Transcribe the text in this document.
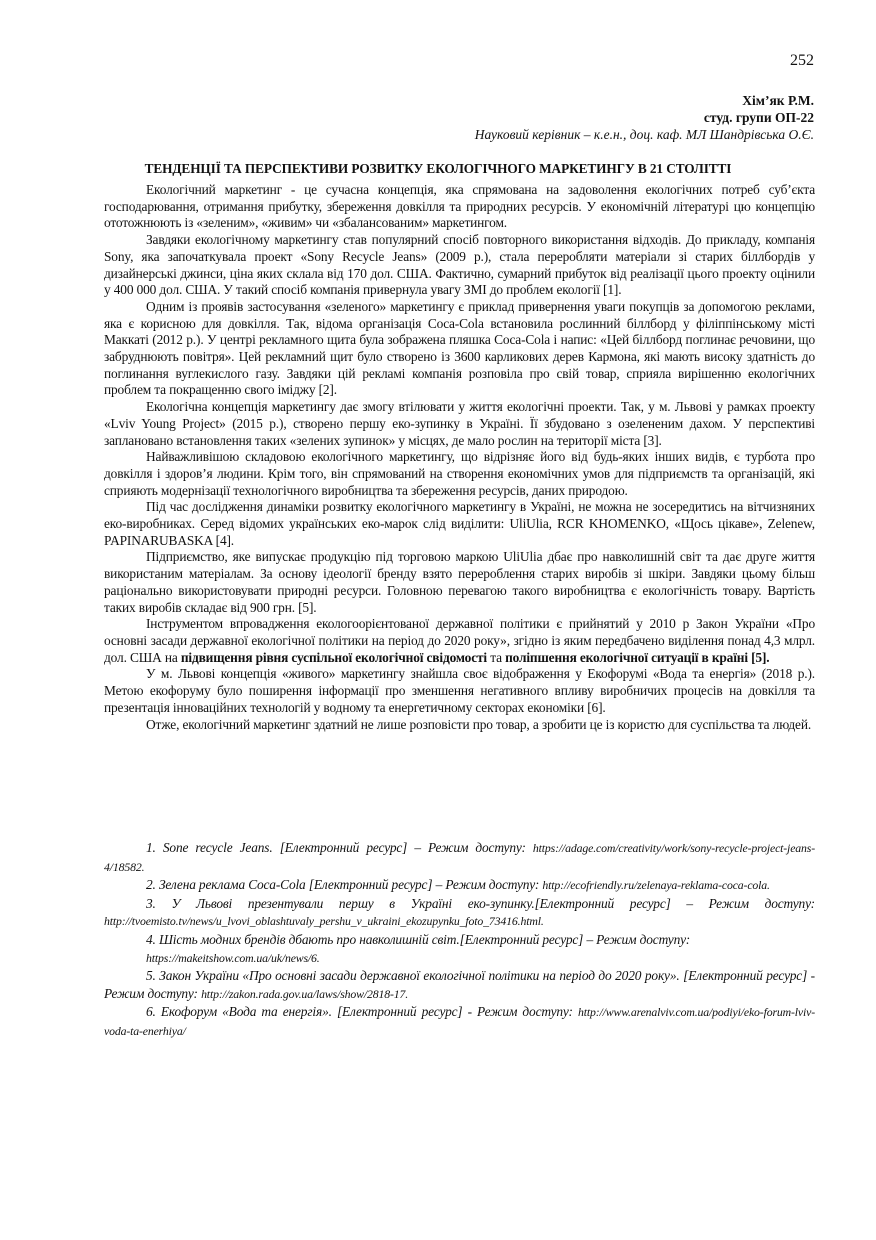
252
Хім’як Р.М.
студ. групи ОП-22
Науковий керівник – к.е.н., доц. каф. МЛ Шандрівська О.Є.
ТЕНДЕНЦІЇ ТА ПЕРСПЕКТИВИ РОЗВИТКУ ЕКОЛОГІЧНОГО МАРКЕТИНГУ В 21 СТОЛІТТІ

Екологічний маркетинг - це сучасна концепція, яка спрямована на задоволення екологічних потреб суб’єкта господарювання, отримання прибутку, збереження довкілля та природних ресурсів. У економічній літературі цю концепцію ототожнюють із «зеленим», «живим» чи «збалансованим» маркетингом.

Завдяки екологічному маркетингу став популярний спосіб повторного використання відходів. До прикладу, компанія Sony, яка започаткувала проект «Sony Recycle Jeans» (2009 р.), стала переробляти матеріали зі старих біллбордів у дизайнерські джинси, ціна яких склала від 170 дол. США. Фактично, сумарний прибуток від реалізації цього проекту оцінили у 400 000 дол. США. У такий спосіб компанія привернула увагу ЗМІ до проблем екології [1].

Одним із проявів застосування «зеленого» маркетингу є приклад привернення уваги покупців за допомогою реклами, яка є корисною для довкілля. Так, відома організація Coca-Cola встановила рослинний біллборд у філіппінському місті Маккаті (2012 р.). У центрі рекламного щита була зображена пляшка Coca-Cola і напис: «Цей біллборд поглинає речовини, що забруднюють повітря». Цей рекламний щит було створено із 3600 карликових дерев Кармона, які мають високу здатність до поглинання вуглекислого газу. Завдяки цій рекламі компанія розповіла про свій товар, сприяла вирішенню екологічних проблем та покращенню свого іміджу [2].

Екологічна концепція маркетингу дає змогу втілювати у життя екологічні проекти. Так, у м. Львові у рамках проекту «Lviv Young Project» (2015 р.), створено першу еко-зупинку в Україні. Її збудовано з озелененим дахом. У перспективі заплановано встановлення таких «зелених зупинок» у місцях, де мало рослин на території міста [3].

Найважливішою складовою екологічного маркетингу, що відрізняє його від будь-яких інших видів, є турбота про довкілля і здоров’я людини. Крім того, він спрямований на створення економічних умов для підприємств та організацій, які сприяють модернізації технологічного виробництва та збереження ресурсів, даних природою.

Під час дослідження динаміки розвитку екологічного маркетингу в Україні, не можна не зосередитись на вітчизняних еко-виробниках. Серед відомих українських еко-марок слід виділити: UliUlia, RCR KHOMENKO, «Щось цікаве», Zelenew, PAPINARUBASKA [4].

Підприємство, яке випускає продукцію під торговою маркою UliUlia дбає про навколишній світ та дає друге життя використаним матеріалам. За основу ідеології бренду взято перероблення старих виробів зі шкіри. Завдяки цьому більш раціонально використовувати природні ресурси. Головною перевагою такого виробництва є екологічність товару. Вартість таких виробів складає від 900 грн. [5].

Інструментом впровадження екологоорієнтованої державної політики є прийнятий у 2010 р Закон України «Про основні засади державної екологічної політики на період до 2020 року», згідно із яким передбачено виділення понад 4,3 млрл. дол. США на підвищення рівня суспільної екологічної свідомості та поліпшення екологічної ситуації в країні [5].

У м. Львові концепція «живого» маркетингу знайшла своє відображення у Екофорумі «Вода та енергія» (2018 р.). Метою екофоруму було поширення інформації про зменшення негативного впливу виробничих процесів на довкілля та презентація інноваційних технологій у водному та енергетичному секторах економіки [6].

Отже, екологічний маркетинг здатний не лише розповісти про товар, а зробити це із користю для суспільства та людей.

1. Sone recycle Jeans. [Електронний ресурс] – Режим доступу: https://adage.com/creativity/work/sony-recycle-project-jeans-4/18582.

2. Зелена реклама Coca-Cola [Електронний ресурс] – Режим доступу: http://ecofriendly.ru/zelenaya-reklama-coca-cola.

3. У Львові презентували першу в Україні еко-зупинку.[Електронний ресурс] – Режим доступу: http://tvoemisto.tv/news/u_lvovi_oblashtuvaly_pershu_v_ukraini_ekozupynku_foto_73416.html.

4. Шість модних брендів дбають про навколишній світ.[Електронний ресурс] – Режим доступу:
https://makeitshow.com.ua/uk/news/6.

5. Закон України «Про основні засади державної екологічної політики на період до 2020 року». [Електронний ресурс] - Режим доступу: http://zakon.rada.gov.ua/laws/show/2818-17.

6. Екофорум «Вода та енергія». [Електронний ресурс] - Режим доступу: http://www.arenalviv.com.ua/podiyi/eko-forum-lviv-voda-ta-enerhiya/
